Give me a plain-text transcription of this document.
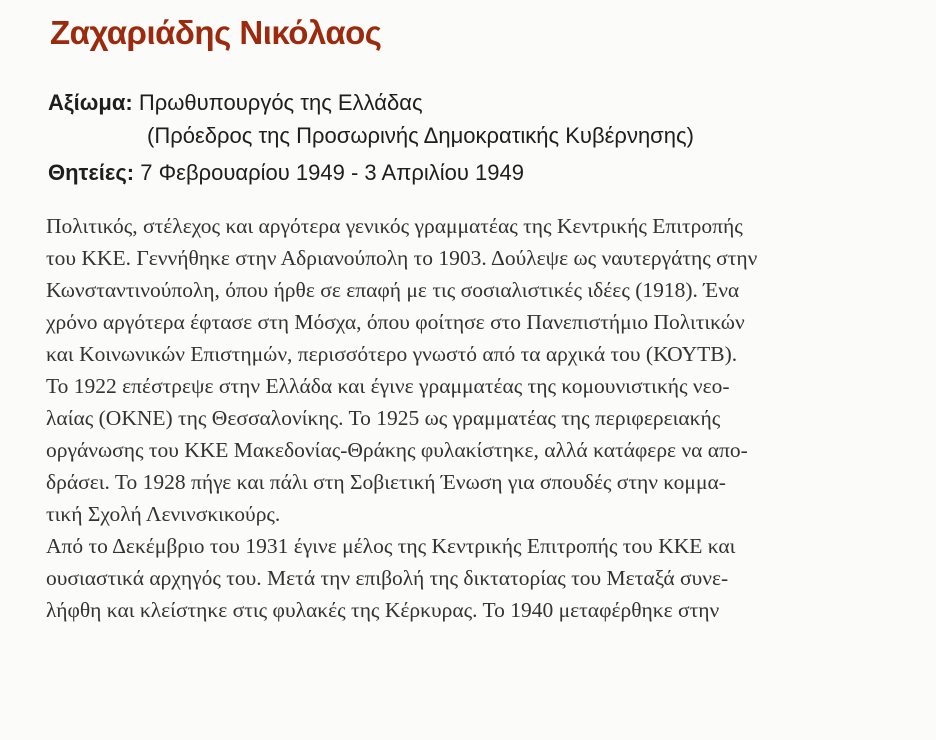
Ζαχαριάδης Νικόλαος
Αξίωμα: Πρωθυπουργός της Ελλάδας
(Πρόεδρος της Προσωρινής Δημοκρατικής Κυβέρνησης)
Θητείες: 7 Φεβρουαρίου 1949 - 3 Απριλίου 1949
Πολιτικός, στέλεχος και αργότερα γενικός γραμματέας της Κεντρικής Επιτροπής
του ΚΚΕ. Γεννήθηκε στην Αδριανούπολη το 1903. Δούλεψε ως ναυτεργάτης στην
Κωνσταντινούπολη, όπου ήρθε σε επαφή με τις σοσιαλιστικές ιδέες (1918). Ένα
χρόνο αργότερα έφτασε στη Μόσχα, όπου φοίτησε στο Πανεπιστήμιο Πολιτικών
και Κοινωνικών Επιστημών, περισσότερο γνωστό από τα αρχικά του (ΚΟΥΤΒ).
Το 1922 επέστρεψε στην Ελλάδα και έγινε γραμματέας της κομουνιστικής νεο-
λαίας (ΟΚΝΕ) της Θεσσαλονίκης. Το 1925 ως γραμματέας της περιφερειακής
οργάνωσης του ΚΚΕ Μακεδονίας-Θράκης φυλακίστηκε, αλλά κατάφερε να απο-
δράσει. Το 1928 πήγε και πάλι στη Σοβιετική Ένωση για σπουδές στην κομμα-
τική Σχολή Λενινσκικούρς.
Από το Δεκέμβριο του 1931 έγινε μέλος της Κεντρικής Επιτροπής του ΚΚΕ και
ουσιαστικά αρχηγός του. Μετά την επιβολή της δικτατορίας του Μεταξά συνε-
λήφθη και κλείστηκε στις φυλακές της Κέρκυρας. Το 1940 μεταφέρθηκε στην
